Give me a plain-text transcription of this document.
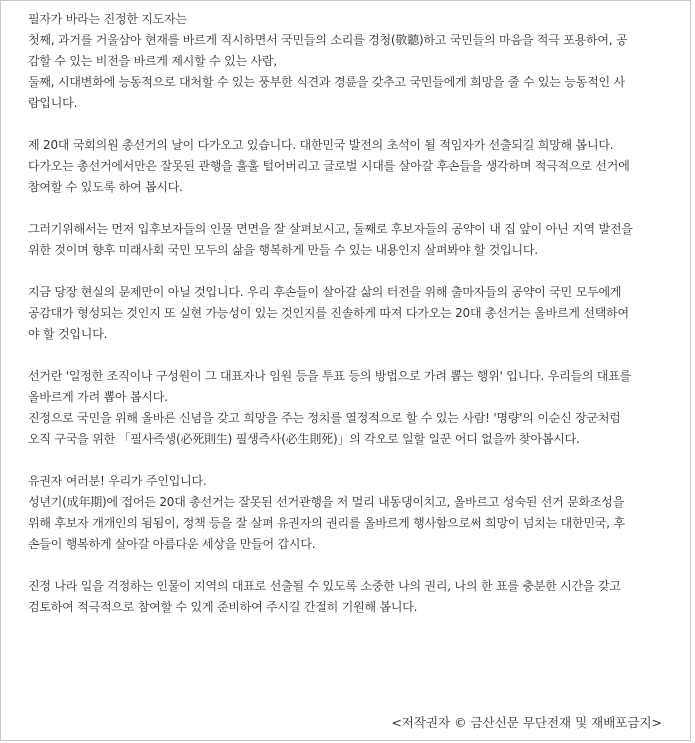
필자가 바라는 진정한 지도자는
첫째, 과거를 거울삼아 현재를 바르게 직시하면서 국민들의 소리를 경청(敬聽)하고 국민들의 마음을 적극 포용하여, 공
감할 수 있는 비전을 바르게 제시할 수 있는 사람,
둘째, 시대변화에 능동적으로 대처할 수 있는 풍부한 식견과 경륜을 갖추고 국민들에게 희망을 줄 수 있는 능동적인 사
람입니다.

제 20대 국회의원 총선거의 날이 다가오고 있습니다. 대한민국 발전의 초석이 될 적임자가 선출되길 희망해 봅니다.
다가오는 총선거에서만은 잘못된 관행을 훌훌 털어버리고 글로벌 시대를 살아갈 후손들을 생각하며 적극적으로 선거에
참여할 수 있도록 하여 봅시다.

그러기위해서는 먼저 입후보자들의 인물 면면을 잘 살펴보시고, 둘째로 후보자들의 공약이 내 집 앞이 아닌 지역 발전을
위한 것이며 향후 미래사회 국민 모두의 삶을 행복하게 만들 수 있는 내용인지 살펴봐야 할 것입니다.

지금 당장 현실의 문제만이 아닐 것입니다. 우리 후손들이 살아갈 삶의 터전을 위해 출마자들의 공약이 국민 모두에게
공감대가 형성되는 것인지 또 실현 가능성이 있는 것인지를 진솔하게 따져 다가오는 20대 총선거는 올바르게 선택하여
야 할 것입니다.

선거란 '일정한 조직이나 구성원이 그 대표자나 임원 등을 투표 등의 방법으로 가려 뽑는 행위' 입니다. 우리들의 대표를
올바르게 가려 뽑아 봅시다.
진정으로 국민을 위해 올바른 신념을 갖고 희망을 주는 정치를 열정적으로 할 수 있는 사람! '명량'의 이순신 장군처럼
오직 구국을 위한 「필사즉생(必死則生) 필생즉사(必生則死)」의 각오로 일할 일꾼 어디 없을까 찾아봅시다.

유권자 여러분! 우리가 주인입니다.
성년기(成年期)에 접어든 20대 총선거는 잘못된 선거관행을 저 멀리 내동댕이치고, 올바르고 성숙된 선거 문화조성을
위해 후보자 개개인의 됨됨이, 정책 등을 잘 살펴 유권자의 권리를 올바르게 행사함으로써 희망이 넘치는 대한민국, 후
손들이 행복하게 살아갈 아름다운 세상을 만들어 갑시다.

진정 나라 일을 걱정하는 인물이 지역의 대표로 선출될 수 있도록 소중한 나의 권리, 나의 한 표를 충분한 시간을 갖고
검토하여 적극적으로 참여할 수 있게 준비하여 주시길 간절히 기원해 봅니다.

<저작권자 © 금산신문 무단전재 및 재배포금지>
